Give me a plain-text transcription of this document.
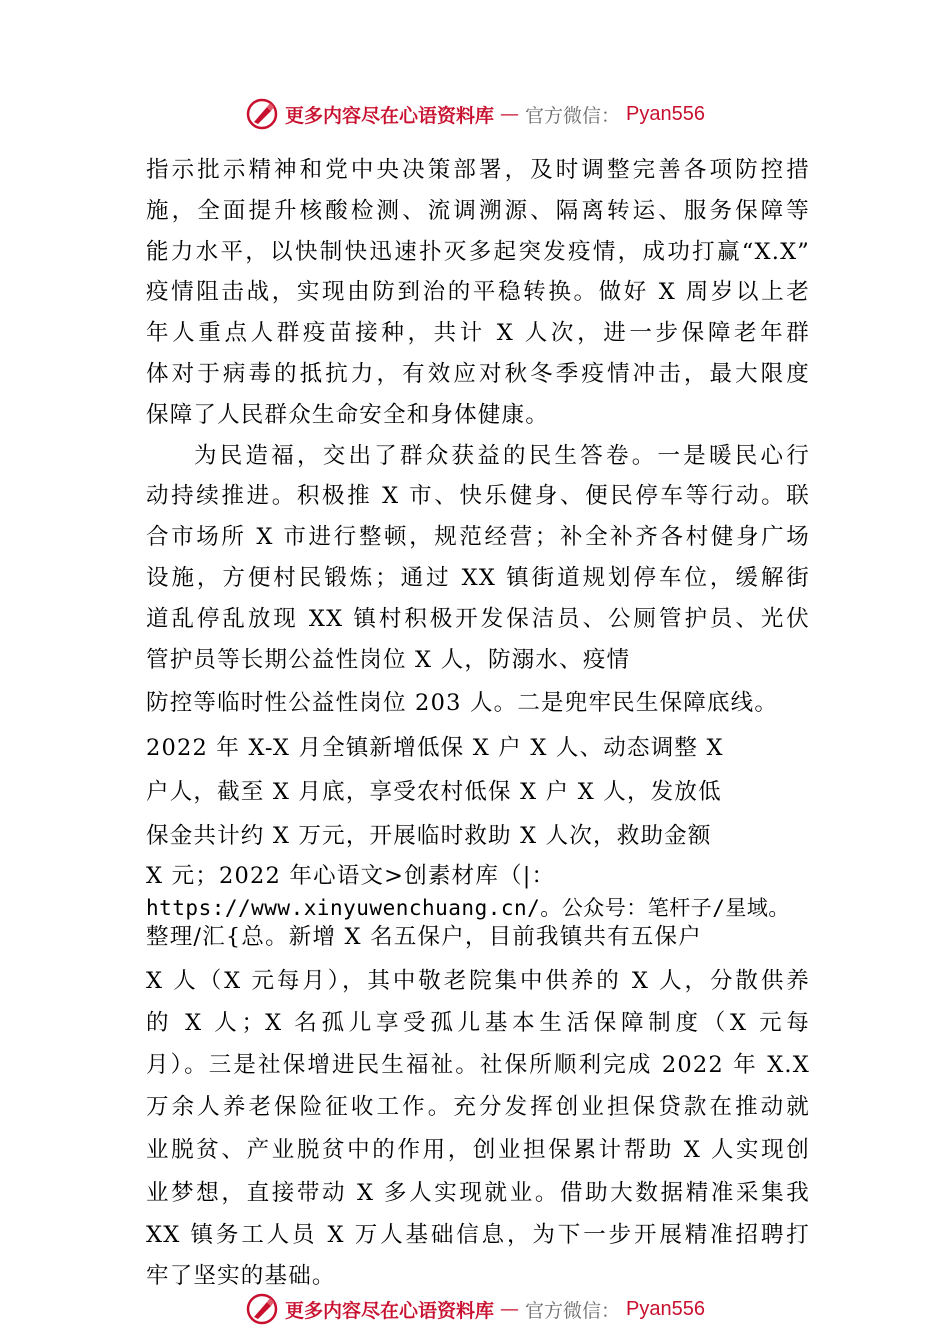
更多内容尽在心语资料库 — 官方微信： Pyan556
指示批示精神和党中央决策部署，及时调整完善各项防控措
施，全面提升核酸检测、流调溯源、隔离转运、服务保障等
能力水平，以快制快迅速扑灭多起突发疫情，成功打赢“X.X”
疫情阻击战，实现由防到治的平稳转换。做好 X 周岁以上老
年人重点人群疫苗接种，共计 X 人次，进一步保障老年群
体对于病毒的抵抗力，有效应对秋冬季疫情冲击，最大限度
保障了人民群众生命安全和身体健康。
为民造福，交出了群众获益的民生答卷。一是暖民心行
动持续推进。积极推 X 市、快乐健身、便民停车等行动。联
合市场所 X 市进行整顿，规范经营；补全补齐各村健身广场
设施，方便村民锻炼；通过 XX 镇街道规划停车位，缓解街
道乱停乱放现 XX 镇村积极开发保洁员、公厕管护员、光伏
管护员等长期公益性岗位 X 人，防溺水、疫情
防控等临时性公益性岗位 203 人。二是兜牢民生保障底线。
2022 年 X-X 月全镇新增低保 X 户 X 人、动态调整 X
户人，截至 X 月底，享受农村低保 X 户 X 人，发放低
保金共计约 X 万元，开展临时救助 X 人次，救助金额
X 元；2022 年心语文>创素材库（|：
https://www.xinyuwenchuang.cn/。公众号：笔杆子/星域。
整理/汇{总。新增 X 名五保户，目前我镇共有五保户
X 人（X 元每月），其中敬老院集中供养的 X 人，分散供养
的 X 人；X 名孤儿享受孤儿基本生活保障制度（X 元每
月）。三是社保增进民生福祉。社保所顺利完成 2022 年 X.X
万余人养老保险征收工作。充分发挥创业担保贷款在推动就
业脱贫、产业脱贫中的作用，创业担保累计帮助 X 人实现创
业梦想，直接带动 X 多人实现就业。借助大数据精准采集我
XX 镇务工人员 X 万人基础信息，为下一步开展精准招聘打
牢了坚实的基础。
更多内容尽在心语资料库 — 官方微信： Pyan556
